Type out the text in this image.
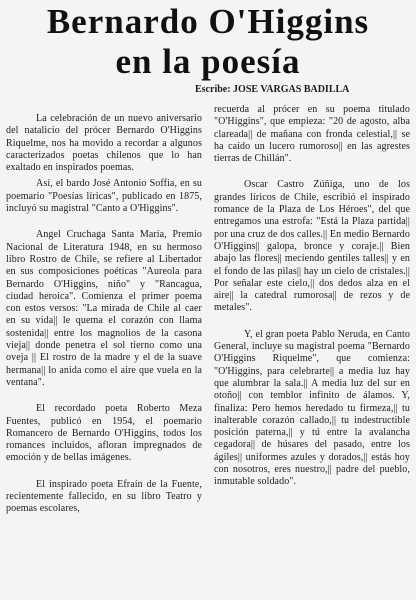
Bernardo O'Higgins
en la poesía
Escribe: JOSE VARGAS BADILLA

La celebración de un nuevo aniversario del natalicio del prócer Bernardo O'Higgins Riquelme, nos ha movido a recordar a algunos caracterizados poetas chilenos que lo han exaltado en inspirados poemas.

Así, el bardo José Antonio Soffia, en su poemario "Poesías líricas", publicado en 1875, incluyó su magistral "Canto a O'Higgins".

Angel Cruchaga Santa María, Premio Nacional de Literatura 1948, en su hermoso libro Rostro de Chile, se refiere al Libertador en sus composiciones poéticas "Aureola para Bernardo O'Higgins, niño" y "Rancagua, ciudad heroica". Comienza el primer poema con estos versos: "La mirada de Chile al caer en su vida|| le quema el corazón con llama sostenida|| entre los magnolios de la casona vieja|| donde penetra el sol tierno como una oveja || El rostro de la madre y el de la suave hermana|| lo anida como el aire que vuela en la ventana".

El recordado poeta Roberto Meza Fuentes, publicó en 1954, el poemario Romancero de Bernardo O'Higgins, todos los romances incluidos, afloran impregnados de emoción y de bellas imágenes.

El inspirado poeta Efraín de la Fuente, recientemente fallecido, en su libro Teatro y poemas escolares,

recuerda al prócer en su poema titulado "O'Higgins", que empieza: "20 de agosto, alba clareada|| de mañana con fronda celestial,|| se ha caído un lucero rumoroso|| en las agrestes tierras de Chillán".

Oscar Castro Zúñiga, uno de los grandes líricos de Chile, escribió el inspirado romance de la Plaza de Los Héroes", del que entregamos una estrofa: "Está la Plaza partida|| por una cruz de dos calles.|| En medio Bernardo O'Higgins|| galopa, bronce y coraje.|| Bien abajo las flores|| mecíendo gentiles talles|| y en el fondo de las pilas|| hay un cielo de cristales.|| Por señalar este cielo,|| dos dedos alza en el aire|| la catedral rumorosa|| de rezos y de metales".

Y, el gran poeta Pablo Neruda, en Canto General, incluye su magistral poema "Bernardo O'Higgins Riquelme", que comienza: "O'Higgins, para celebrarte|| a media luz hay que alumbrar la sala.|| A media luz del sur en otoño|| con temblor infinito de álamos. Y, finaliza: Pero hemos heredado tu firmeza,|| tu inalterable corazón callado,|| tu indestructible posición paterna,|| y tú entre la avalancha cegadora|| de húsares del pasado, entre los ágiles|| uniformes azules y dorados,|| estás hoy con nosotros, eres nuestro,|| padre del pueblo, inmutable soldado".
